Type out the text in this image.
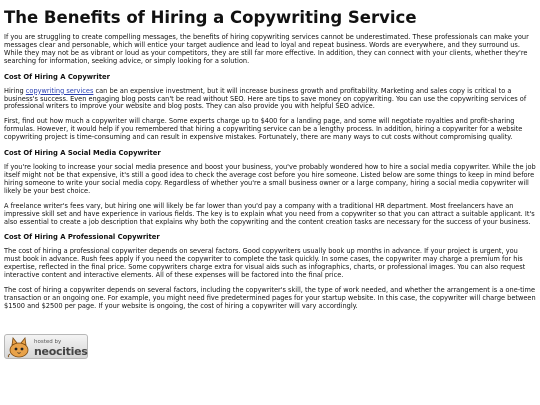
The Benefits of Hiring a Copywriting Service

If you are struggling to create compelling messages, the benefits of hiring copywriting services cannot be underestimated. These professionals can make your messages clear and personable, which will entice your target audience and lead to loyal and repeat business. Words are everywhere, and they surround us. While they may not be as vibrant or loud as your competitors, they are still far more effective. In addition, they can connect with your clients, whether they're searching for information, seeking advice, or simply looking for a solution.

Cost Of Hiring A Copywriter

Hiring copywriting services can be an expensive investment, but it will increase business growth and profitability. Marketing and sales copy is critical to a business's success. Even engaging blog posts can't be read without SEO. Here are tips to save money on copywriting. You can use the copywriting services of professional writers to improve your website and blog posts. They can also provide you with helpful SEO advice.

First, find out how much a copywriter will charge. Some experts charge up to $400 for a landing page, and some will negotiate royalties and profit-sharing formulas. However, it would help if you remembered that hiring a copywriting service can be a lengthy process. In addition, hiring a copywriter for a website copywriting project is time-consuming and can result in expensive mistakes. Fortunately, there are many ways to cut costs without compromising quality.

Cost Of Hiring A Social Media Copywriter

If you're looking to increase your social media presence and boost your business, you've probably wondered how to hire a social media copywriter. While the job itself might not be that expensive, it's still a good idea to check the average cost before you hire someone. Listed below are some things to keep in mind before hiring someone to write your social media copy. Regardless of whether you're a small business owner or a large company, hiring a social media copywriter will likely be your best choice.

A freelance writer's fees vary, but hiring one will likely be far lower than you'd pay a company with a traditional HR department. Most freelancers have an impressive skill set and have experience in various fields. The key is to explain what you need from a copywriter so that you can attract a suitable applicant. It's also essential to create a job description that explains why both the copywriting and the content creation tasks are necessary for the success of your business.

Cost Of Hiring A Professional Copywriter

The cost of hiring a professional copywriter depends on several factors. Good copywriters usually book up months in advance. If your project is urgent, you must book in advance. Rush fees apply if you need the copywriter to complete the task quickly. In some cases, the copywriter may charge a premium for his expertise, reflected in the final price. Some copywriters charge extra for visual aids such as infographics, charts, or professional images. You can also request interactive content and interactive elements. All of these expenses will be factored into the final price.

The cost of hiring a copywriter depends on several factors, including the copywriter's skill, the type of work needed, and whether the arrangement is a one-time transaction or an ongoing one. For example, you might need five predetermined pages for your startup website. In this case, the copywriter will charge between $1500 and $2500 per page. If your website is ongoing, the cost of hiring a copywriter will vary accordingly.

hosted by
neocities
